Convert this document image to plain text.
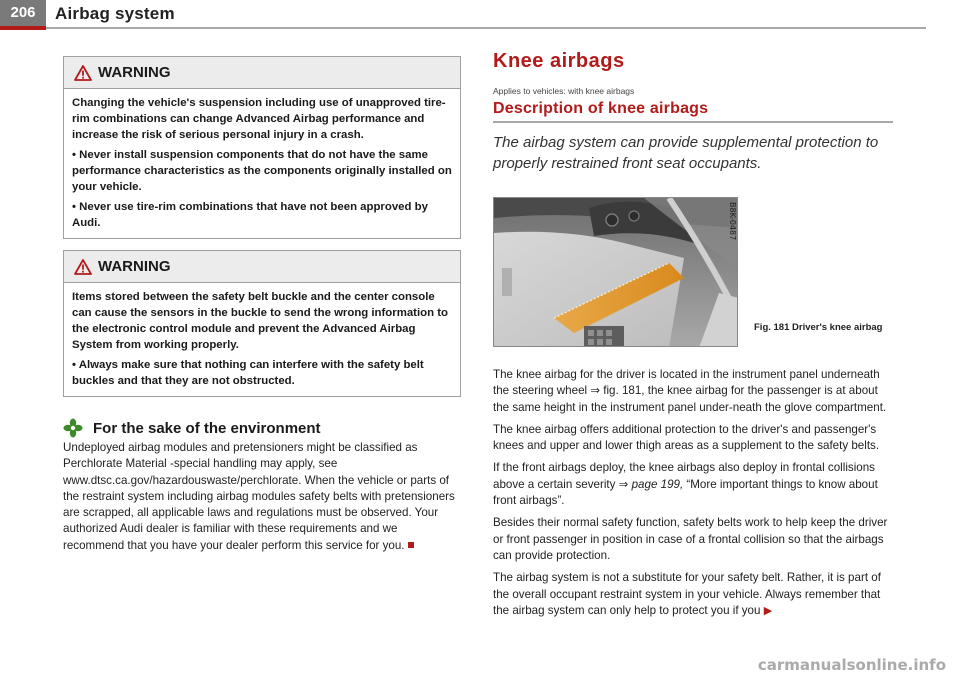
206	Airbag system
WARNING

Changing the vehicle's suspension including use of unapproved tire-rim combinations can change Advanced Airbag performance and increase the risk of serious personal injury in a crash.

• Never install suspension components that do not have the same performance characteristics as the components originally installed on your vehicle.

• Never use tire-rim combinations that have not been approved by Audi.

WARNING

Items stored between the safety belt buckle and the center console can cause the sensors in the buckle to send the wrong information to the electronic control module and prevent the Advanced Airbag System from working properly.

• Always make sure that nothing can interfere with the safety belt buckles and that they are not obstructed.

For the sake of the environment
Undeployed airbag modules and pretensioners might be classified as Perchlorate Material -special handling may apply, see www.dtsc.ca.gov/hazardouswaste/perchlorate. When the vehicle or parts of the restraint system including airbag modules safety belts with pretensioners are scrapped, all applicable laws and regulations must be observed. Your authorized Audi dealer is familiar with these requirements and we recommend that you have your dealer perform this service for you.
Knee airbags
Applies to vehicles: with knee airbags
Description of knee airbags
The airbag system can provide supplemental protection to properly restrained front seat occupants.
B8K-0487
Fig. 181 Driver's knee airbag

The knee airbag for the driver is located in the instrument panel underneath the steering wheel ⇒ fig. 181, the knee airbag for the passenger is at about the same height in the instrument panel under-neath the glove compartment.

The knee airbag offers additional protection to the driver's and passenger's knees and upper and lower thigh areas as a supplement to the safety belts.

If the front airbags deploy, the knee airbags also deploy in frontal collisions above a certain severity ⇒ page 199, “More important things to know about front airbags”.

Besides their normal safety function, safety belts work to help keep the driver or front passenger in position in case of a frontal collision so that the airbags can provide protection.

The airbag system is not a substitute for your safety belt. Rather, it is part of the overall occupant restraint system in your vehicle. Always remember that the airbag system can only help to protect you if you ▶

carmanualsonline.info
